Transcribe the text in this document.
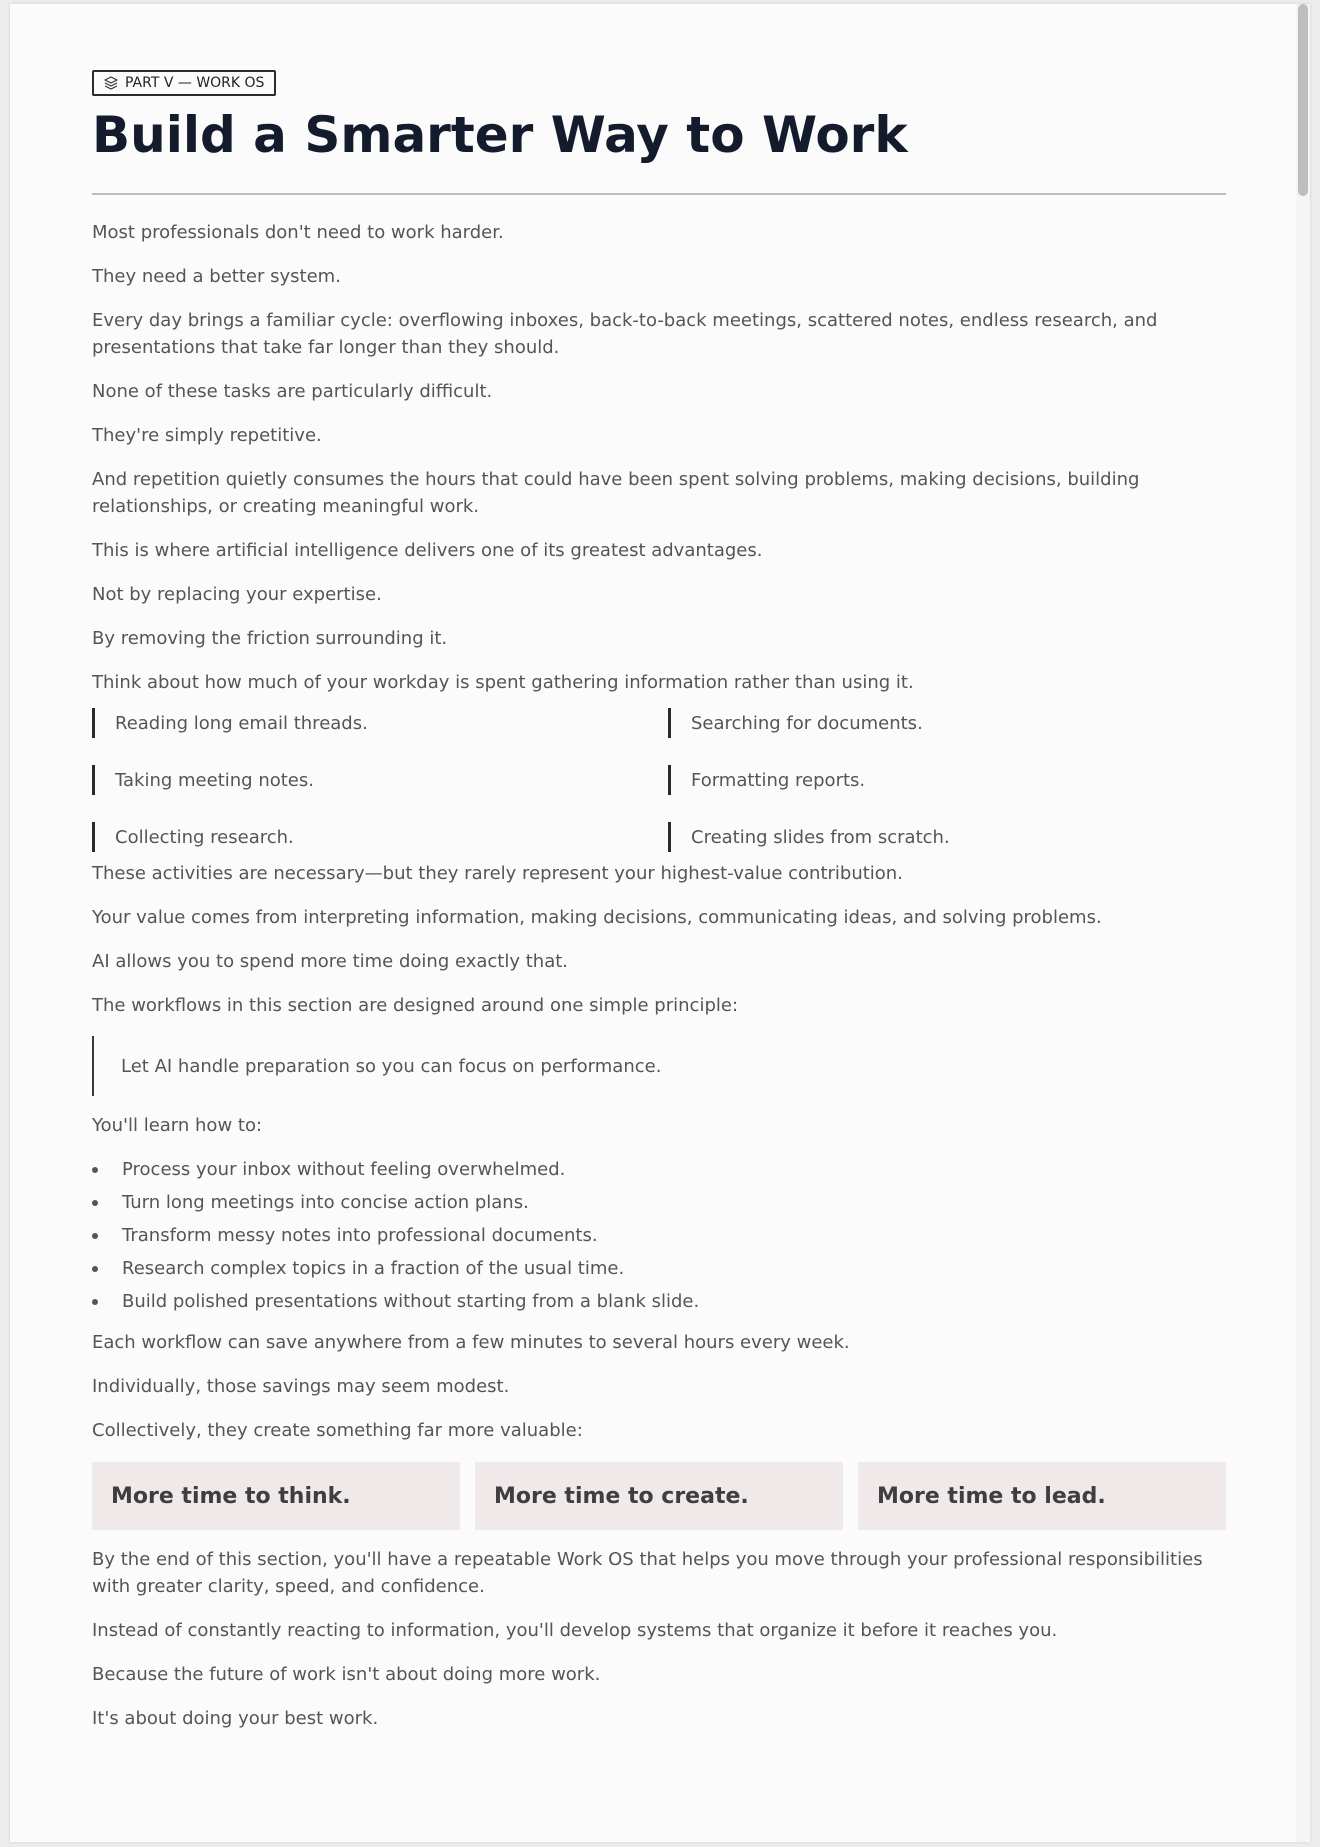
PART V — WORK OS
Build a Smarter Way to Work

Most professionals don't need to work harder.

They need a better system.

Every day brings a familiar cycle: overflowing inboxes, back-to-back meetings, scattered notes, endless research, and presentations that take far longer than they should.

None of these tasks are particularly difficult.

They're simply repetitive.

And repetition quietly consumes the hours that could have been spent solving problems, making decisions, building relationships, or creating meaningful work.

This is where artificial intelligence delivers one of its greatest advantages.

Not by replacing your expertise.

By removing the friction surrounding it.

Think about how much of your workday is spent gathering information rather than using it.

Reading long email threads.	Searching for documents.
Taking meeting notes.	Formatting reports.
Collecting research.	Creating slides from scratch.

These activities are necessary—but they rarely represent your highest-value contribution.

Your value comes from interpreting information, making decisions, communicating ideas, and solving problems.

AI allows you to spend more time doing exactly that.

The workflows in this section are designed around one simple principle:

Let AI handle preparation so you can focus on performance.

You'll learn how to:

Process your inbox without feeling overwhelmed.
Turn long meetings into concise action plans.
Transform messy notes into professional documents.
Research complex topics in a fraction of the usual time.
Build polished presentations without starting from a blank slide.

Each workflow can save anywhere from a few minutes to several hours every week.

Individually, those savings may seem modest.

Collectively, they create something far more valuable:

More time to think.	More time to create.	More time to lead.

By the end of this section, you'll have a repeatable Work OS that helps you move through your professional responsibilities with greater clarity, speed, and confidence.

Instead of constantly reacting to information, you'll develop systems that organize it before it reaches you.

Because the future of work isn't about doing more work.

It's about doing your best work.
